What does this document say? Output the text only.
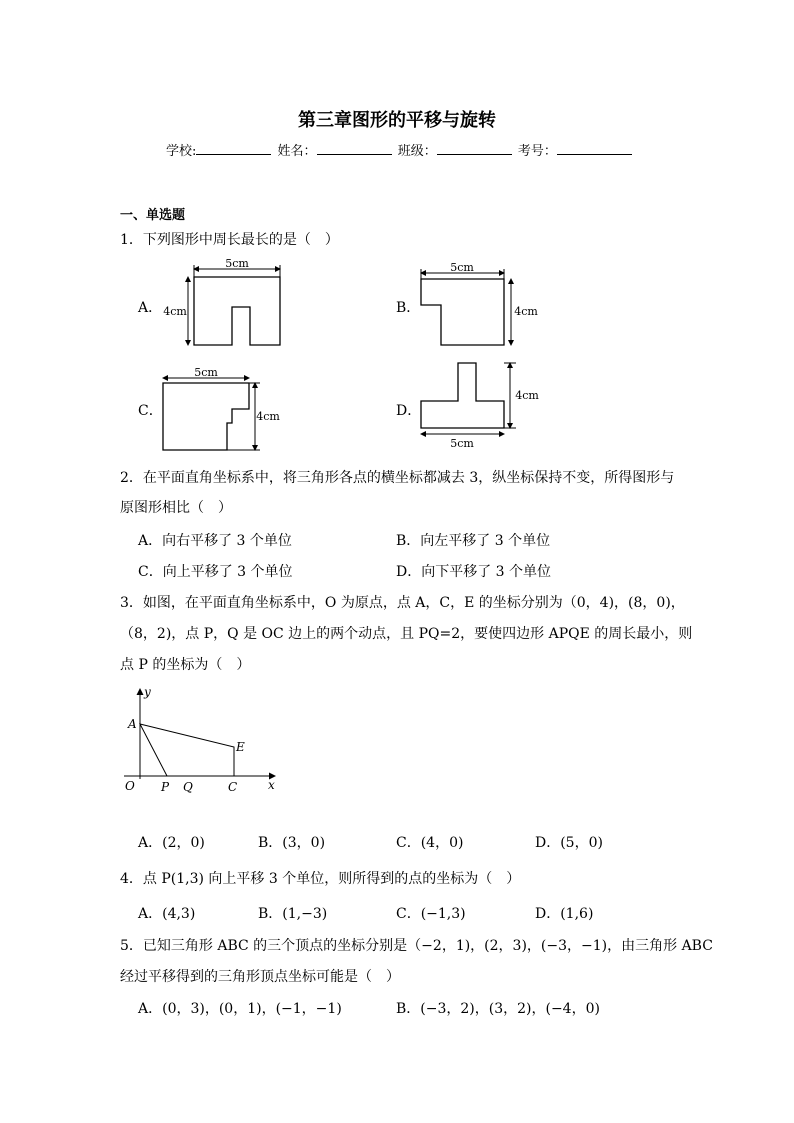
第三章图形的平移与旋转
学校:	姓名：	班级：	考号：
一、单选题
1．下列图形中周长最长的是（　）
A．	B．
C．	D．
5cm
4cm
5cm
4cm
5cm
4cm
5cm
4cm
2．在平面直角坐标系中，将三角形各点的横坐标都减去 3，纵坐标保持不变，所得图形与
原图形相比（　）
A．向右平移了 3 个单位	B．向左平移了 3 个单位
C．向上平移了 3 个单位	D．向下平移了 3 个单位
3．如图，在平面直角坐标系中，O 为原点，点 A，C，E 的坐标分别为（0，4)，(8，0)，
（8，2)，点 P，Q 是 OC 边上的两个动点，且 PQ=2，要使四边形 APQE 的周长最小，则
点 P 的坐标为（　）
y
x
A
E
O P Q	C
A．(2，0)	B．(3，0)	C．(4，0)	D．(5，0)
4．点 P(1,3) 向上平移 3 个单位，则所得到的点的坐标为（　）
A．(4,3)	B．(1,−3)	C．(−1,3)	D．(1,6)
5．已知三角形 ABC 的三个顶点的坐标分别是（−2，1)，(2，3)，(−3，−1)，由三角形 ABC
经过平移得到的三角形顶点坐标可能是（　）
A．(0，3)，(0，1)，(−1，−1)	B．(−3，2)，(3，2)，(−4，0)
